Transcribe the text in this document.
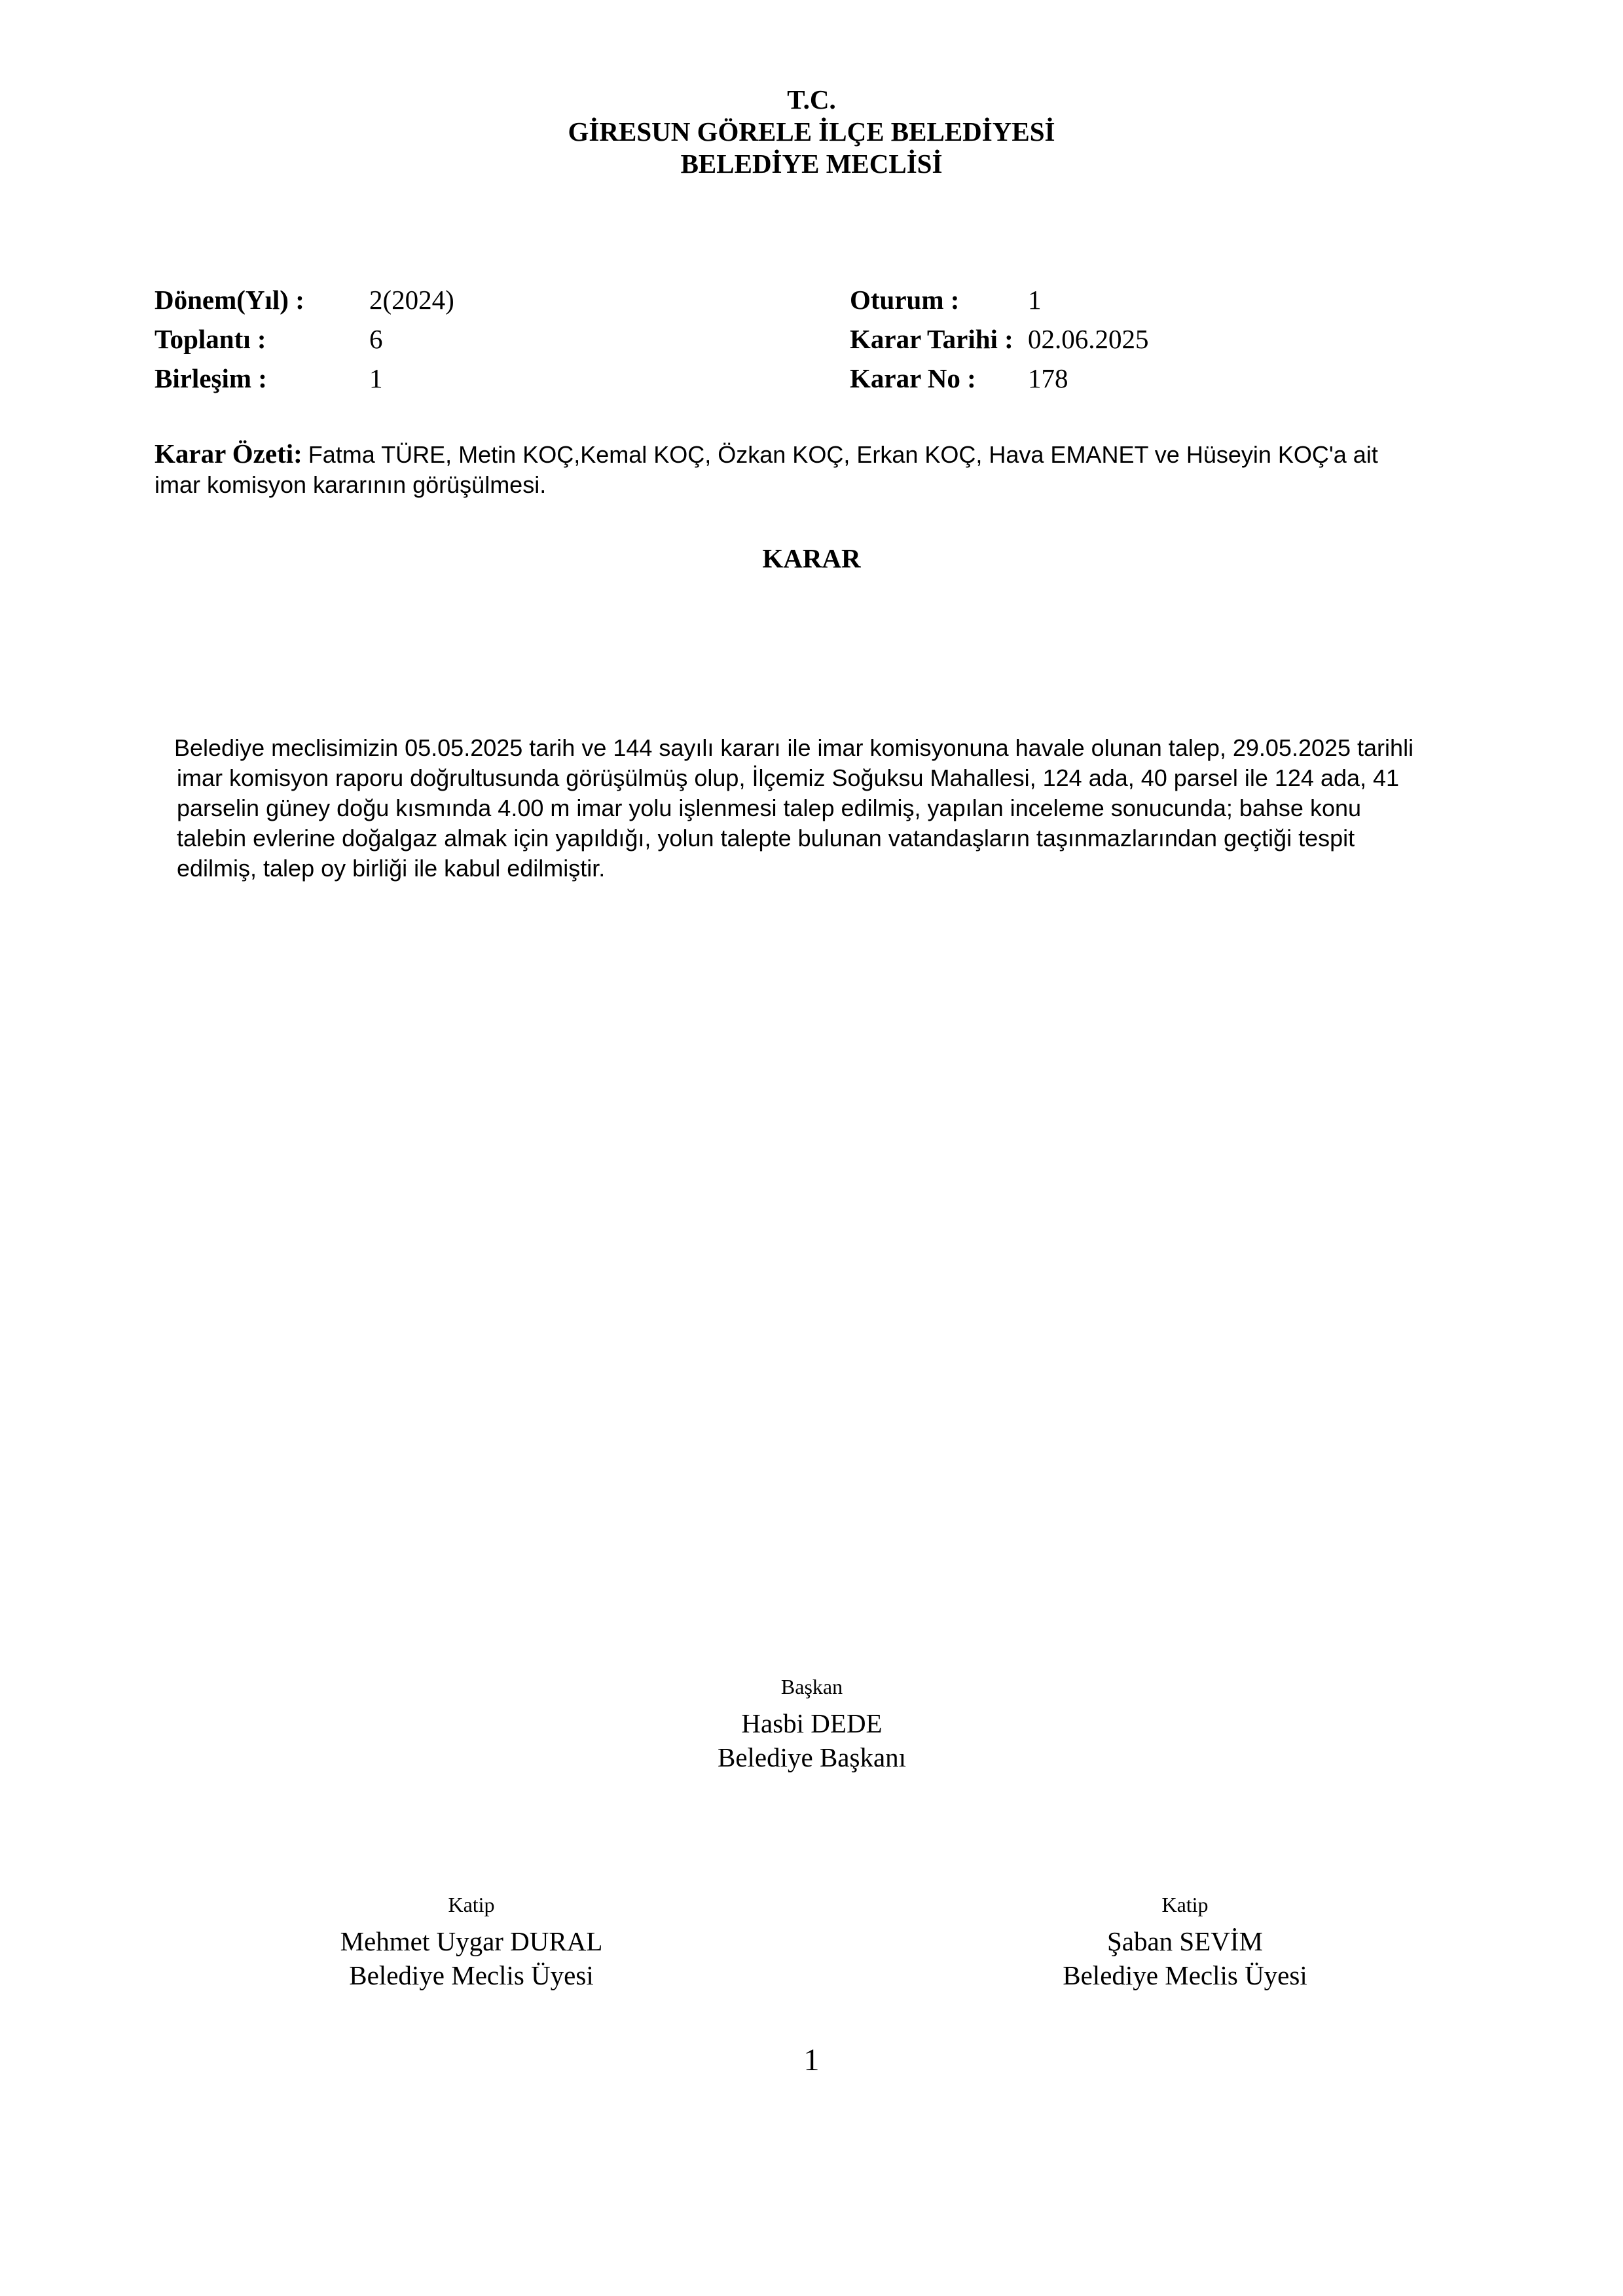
T.C.
GİRESUN GÖRELE İLÇE BELEDİYESİ
BELEDİYE MECLİSİ
Dönem(Yıl) : 2(2024)	Oturum :	1
Toplantı :	6	Karar Tarihi : 02.06.2025
Birleşim :	1	Karar No : 178
Karar Özeti: Fatma TÜRE, Metin KOÇ,Kemal KOÇ, Özkan KOÇ, Erkan KOÇ, Hava EMANET ve Hüseyin KOÇ'a ait
imar komisyon kararının görüşülmesi.
KARAR
Belediye meclisimizin 05.05.2025 tarih ve 144 sayılı kararı ile imar komisyonuna havale olunan talep, 29.05.2025 tarihli
imar komisyon raporu doğrultusunda görüşülmüş olup, İlçemiz Soğuksu Mahallesi, 124 ada, 40 parsel ile 124 ada, 41
parselin güney doğu kısmında 4.00 m imar yolu işlenmesi talep edilmiş, yapılan inceleme sonucunda; bahse konu
talebin evlerine doğalgaz almak için yapıldığı, yolun talepte bulunan vatandaşların taşınmazlarından geçtiği tespit
edilmiş, talep oy birliği ile kabul edilmiştir.
Başkan
Hasbi DEDE
Belediye Başkanı
Katip
Mehmet Uygar DURAL
Belediye Meclis Üyesi
Katip
Şaban SEVİM
Belediye Meclis Üyesi
1
